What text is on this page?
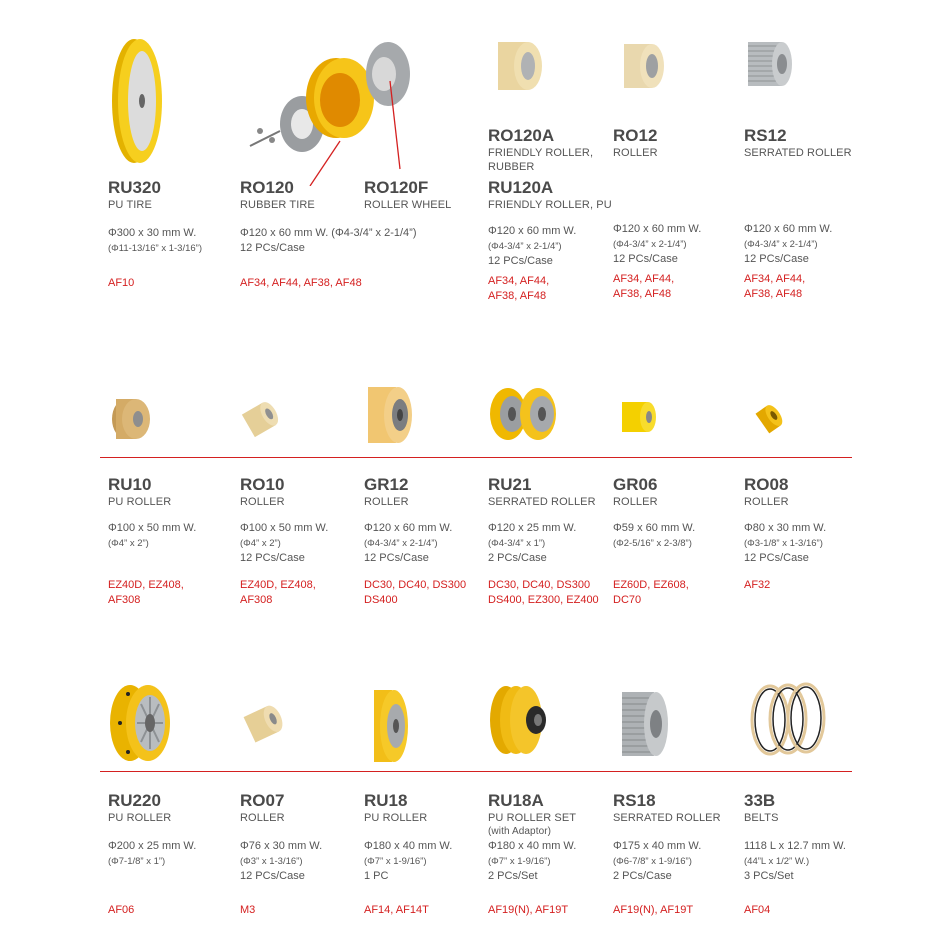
RU320
PU TIRE
Φ300 x 30 mm W.
(Φ11-13/16” x 1-3/16”)
AF10
RO120
RUBBER TIRE
Φ120 x 60 mm W. (Φ4-3/4” x 2-1/4”)
12 PCs/Case
AF34, AF44, AF38, AF48
RO120F
ROLLER WHEEL
RO120A
FRIENDLY ROLLER,
RUBBER
RU120A
FRIENDLY ROLLER, PU
Φ120 x 60 mm W.
(Φ4-3/4” x 2-1/4”)
12 PCs/Case
AF34, AF44,
AF38, AF48
RO12
ROLLER
Φ120 x 60 mm W.
(Φ4-3/4” x 2-1/4”)
12 PCs/Case
AF34, AF44,
AF38, AF48
RS12
SERRATED ROLLER
Φ120 x 60 mm W.
(Φ4-3/4” x 2-1/4”)
12 PCs/Case
AF34, AF44,
AF38, AF48
RU10
PU ROLLER
Φ100 x 50 mm W.
(Φ4” x 2”)
EZ40D, EZ408,
AF308
RO10
ROLLER
Φ100 x 50 mm W.
(Φ4” x 2”)
12 PCs/Case
EZ40D, EZ408,
AF308
GR12
ROLLER
Φ120 x 60 mm W.
(Φ4-3/4” x 2-1/4”)
12 PCs/Case
DC30, DC40, DS300
DS400
RU21
SERRATED ROLLER
Φ120 x 25 mm W.
(Φ4-3/4” x 1”)
2 PCs/Case
DC30, DC40, DS300
DS400, EZ300, EZ400
GR06
ROLLER
Φ59 x 60 mm W.
(Φ2-5/16” x 2-3/8”)
EZ60D, EZ608,
DC70
RO08
ROLLER
Φ80 x 30 mm W.
(Φ3-1/8” x 1-3/16”)
12 PCs/Case
AF32
RU220
PU ROLLER
Φ200 x 25 mm W.
(Φ7-1/8” x 1”)
AF06
RO07
ROLLER
Φ76 x 30 mm W.
(Φ3” x 1-3/16”)
12 PCs/Case
M3
RU18
PU ROLLER
Φ180 x 40 mm W.
(Φ7” x 1-9/16”)
1 PC
AF14, AF14T
RU18A
PU ROLLER SET
(with Adaptor)
Φ180 x 40 mm W.
(Φ7” x 1-9/16”)
2 PCs/Set
AF19(N), AF19T
RS18
SERRATED ROLLER
Φ175 x 40 mm W.
(Φ6-7/8” x 1-9/16”)
2 PCs/Case
AF19(N), AF19T
33B
BELTS
1118 L x 12.7 mm W.
(44”L x 1/2” W.)
3 PCs/Set
AF04
